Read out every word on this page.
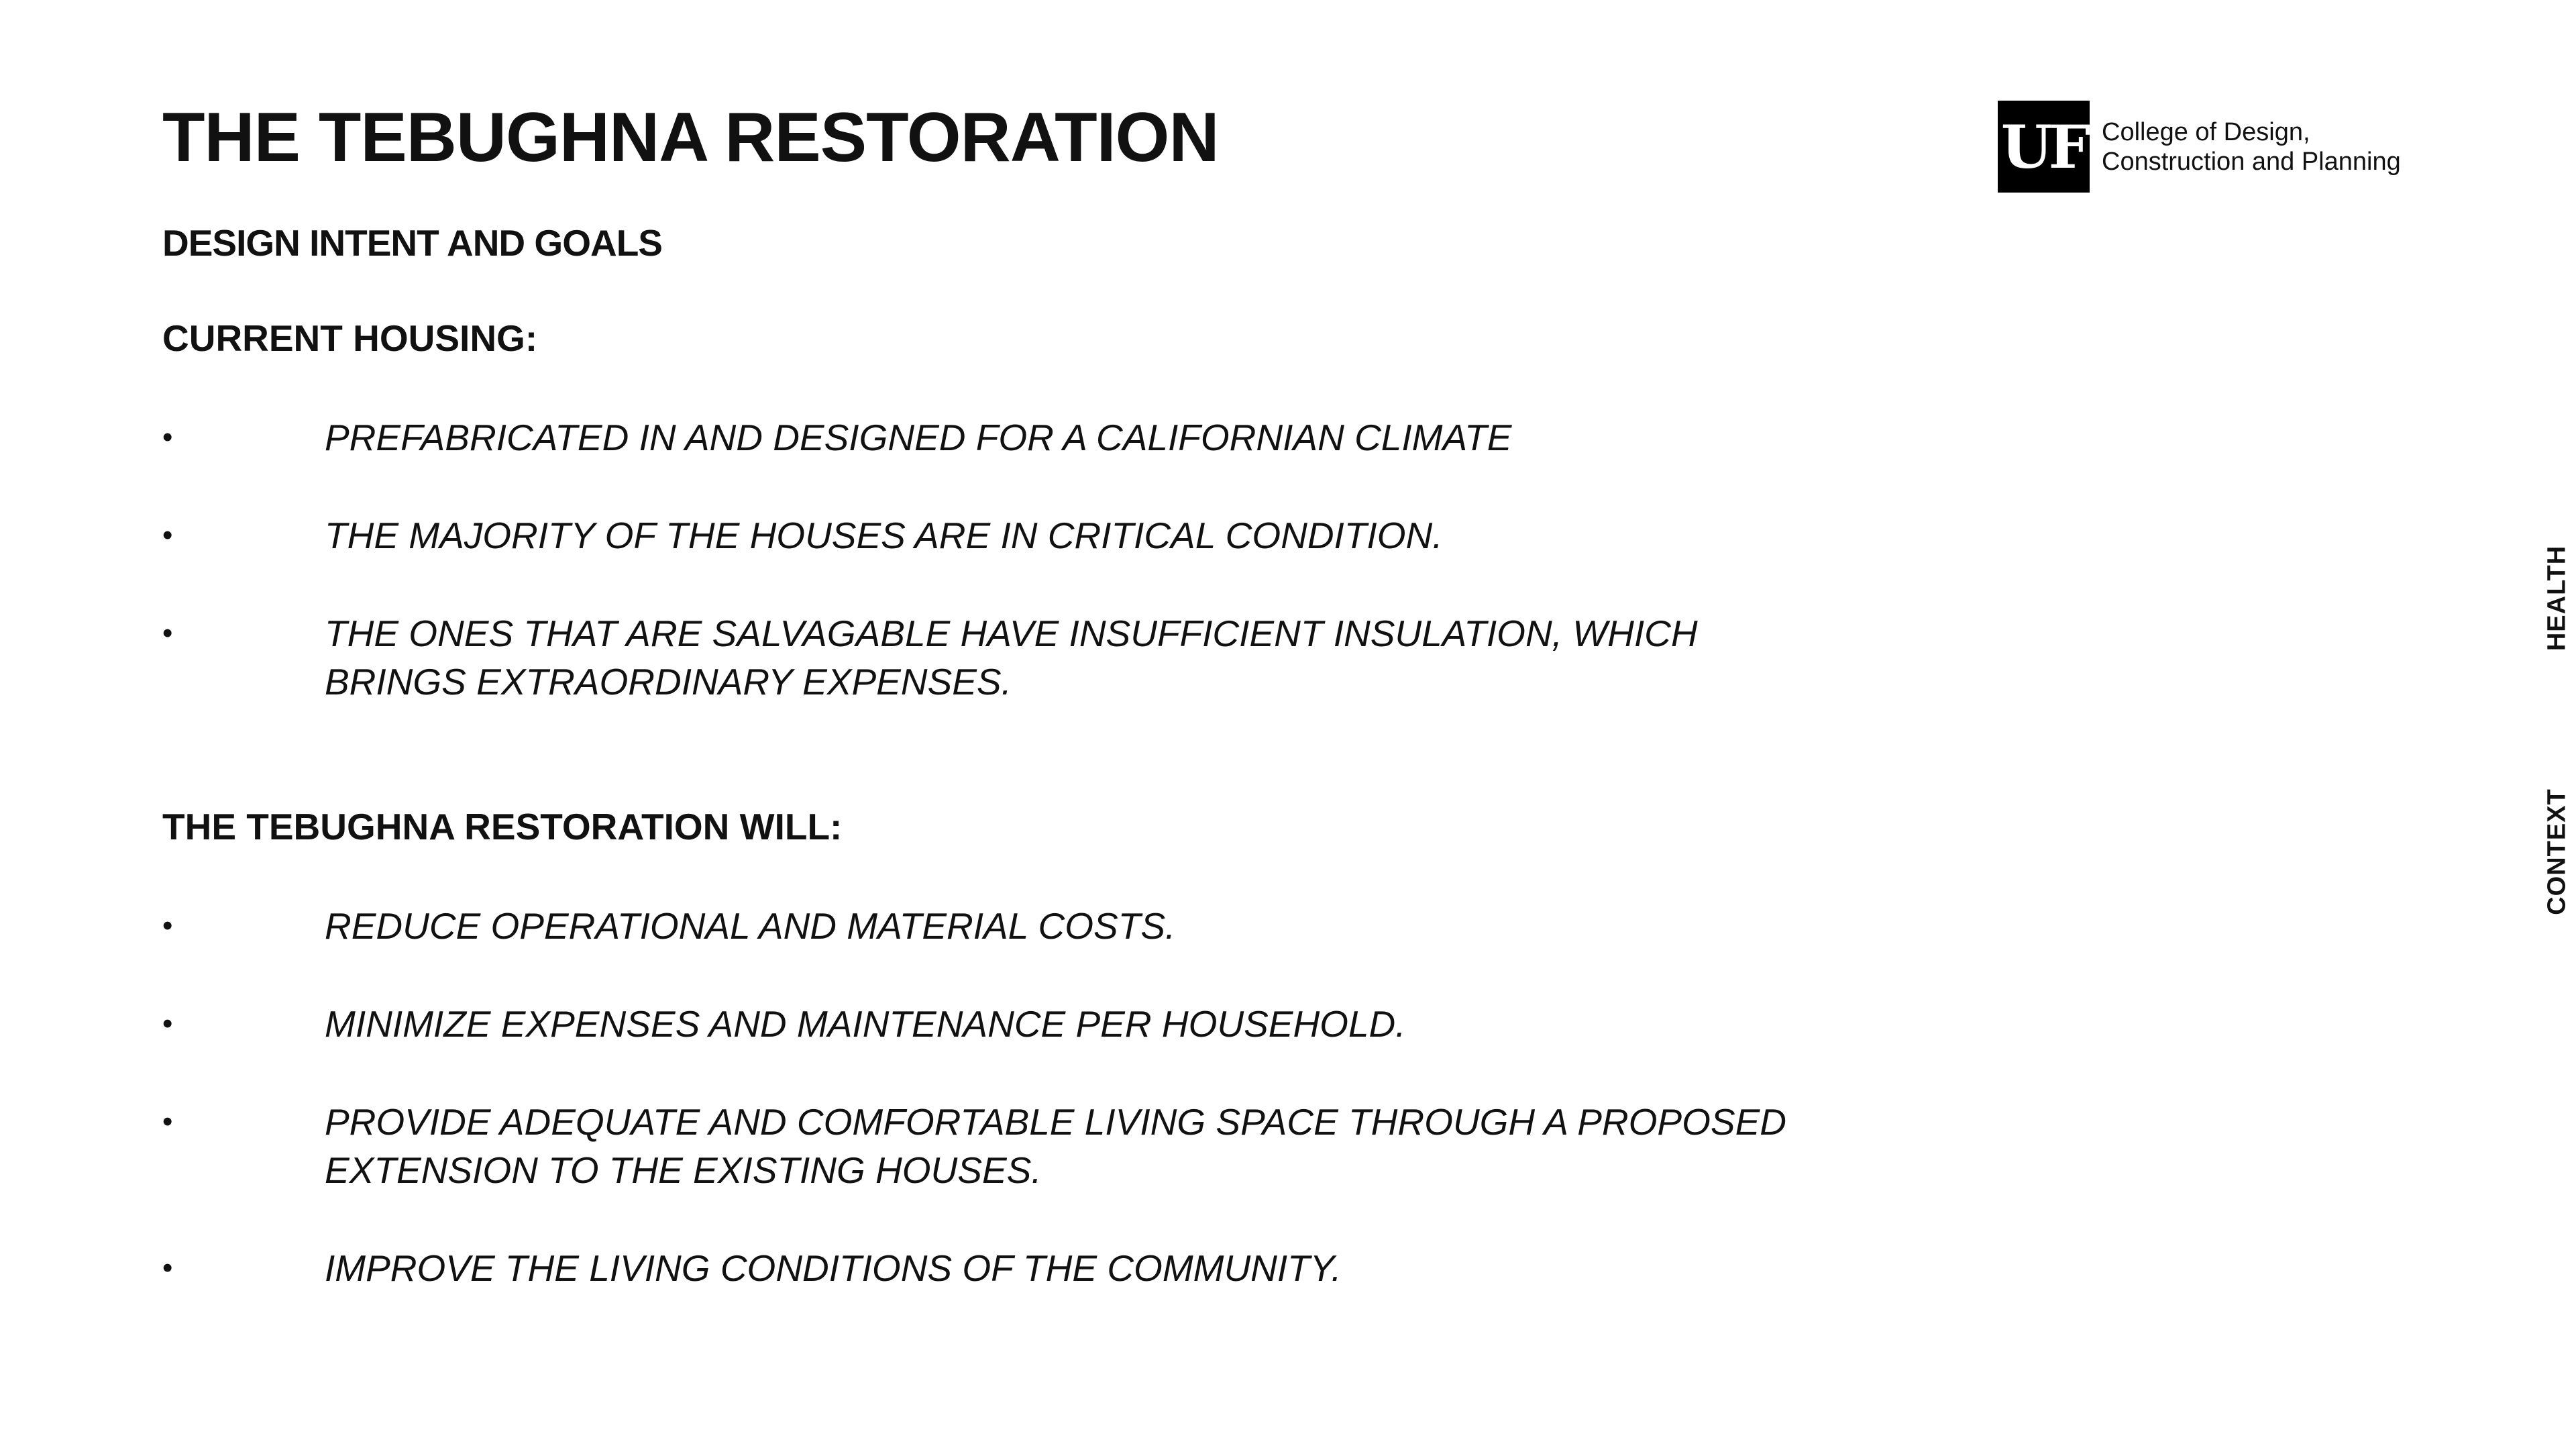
THE TEBUGHNA RESTORATION
DESIGN INTENT AND GOALS
UF College of Design,
Construction and Planning
CURRENT HOUSING:
•	PREFABRICATED IN AND DESIGNED FOR A CALIFORNIAN CLIMATE
•	THE MAJORITY OF THE HOUSES ARE IN CRITICAL CONDITION.
•	THE ONES THAT ARE SALVAGABLE HAVE INSUFFICIENT INSULATION, WHICH BRINGS EXTRAORDINARY EXPENSES.
THE TEBUGHNA RESTORATION WILL:
•	REDUCE OPERATIONAL AND MATERIAL COSTS.
•	MINIMIZE EXPENSES AND MAINTENANCE PER HOUSEHOLD.
•	PROVIDE ADEQUATE AND COMFORTABLE LIVING SPACE THROUGH A PROPOSED EXTENSION TO THE EXISTING HOUSES.
•	IMPROVE THE LIVING CONDITIONS OF THE COMMUNITY.
HEALTH
CONTEXT
